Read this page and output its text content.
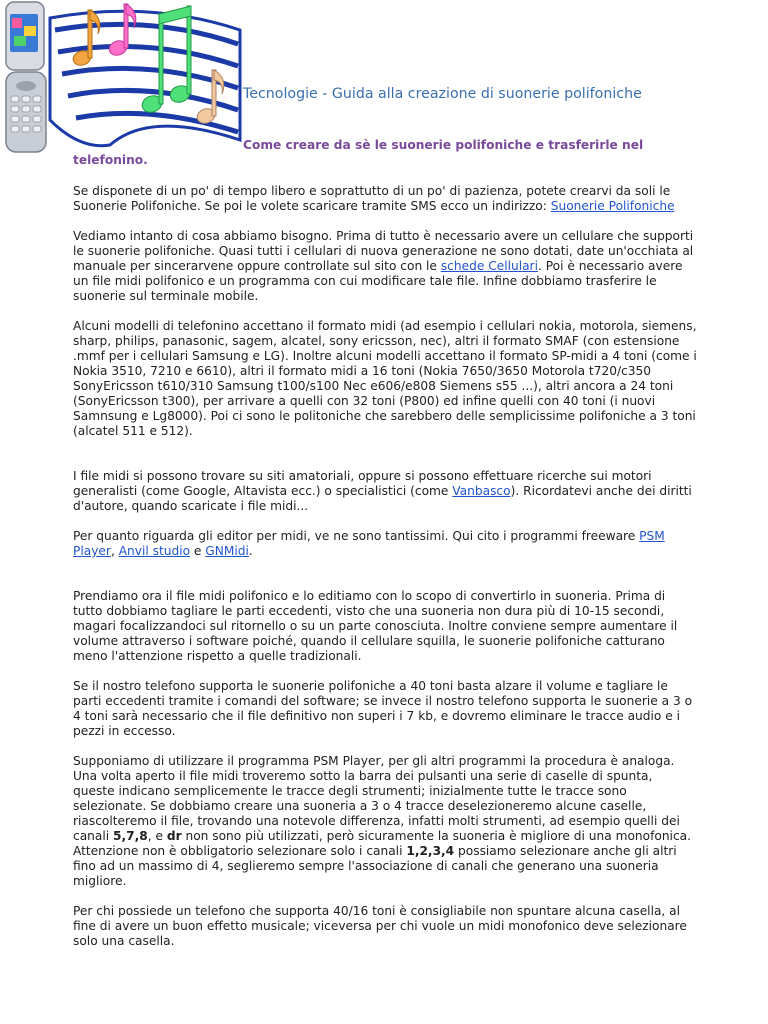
Tecnologie - Guida alla creazione di suonerie polifoniche

Come creare da sè le suonerie polifoniche e trasferirle nel telefonino.

Se disponete di un po' di tempo libero e soprattutto di un po' di pazienza, potete crearvi da soli le Suonerie Polifoniche. Se poi le volete scaricare tramite SMS ecco un indirizzo: Suonerie Polifoniche

Vediamo intanto di cosa abbiamo bisogno. Prima di tutto è necessario avere un cellulare che supporti le suonerie polifoniche. Quasi tutti i cellulari di nuova generazione ne sono dotati, date un'occhiata al manuale per sincerarvene oppure controllate sul sito con le schede Cellulari. Poi è necessario avere un file midi polifonico e un programma con cui modificare tale file. Infine dobbiamo trasferire le suonerie sul terminale mobile.

Alcuni modelli di telefonino accettano il formato midi (ad esempio i cellulari nokia, motorola, siemens, sharp, philips, panasonic, sagem, alcatel, sony ericsson, nec), altri il formato SMAF (con estensione .mmf per i cellulari Samsung e LG). Inoltre alcuni modelli accettano il formato SP-midi a 4 toni (come i Nokia 3510, 7210 e 6610), altri il formato midi a 16 toni (Nokia 7650/3650 Motorola t720/c350 SonyEricsson t610/310 Samsung t100/s100 Nec e606/e808 Siemens s55 ...), altri ancora a 24 toni (SonyEricsson t300), per arrivare a quelli con 32 toni (P800) ed infine quelli con 40 toni (i nuovi Samnsung e Lg8000). Poi ci sono le politoniche che sarebbero delle semplicissime polifoniche a 3 toni (alcatel 511 e 512).

I file midi si possono trovare su siti amatoriali, oppure si possono effettuare ricerche sui motori generalisti (come Google, Altavista ecc.) o specialistici (come Vanbasco). Ricordatevi anche dei diritti d'autore, quando scaricate i file midi...

Per quanto riguarda gli editor per midi, ve ne sono tantissimi. Qui cito i programmi freeware PSM Player, Anvil studio e GNMidi.

Prendiamo ora il file midi polifonico e lo editiamo con lo scopo di convertirlo in suoneria. Prima di tutto dobbiamo tagliare le parti eccedenti, visto che una suoneria non dura più di 10-15 secondi, magari focalizzandoci sul ritornello o su un parte conosciuta. Inoltre conviene sempre aumentare il volume attraverso i software poiché, quando il cellulare squilla, le suonerie polifoniche catturano meno l'attenzione rispetto a quelle tradizionali.

Se il nostro telefono supporta le suonerie polifoniche a 40 toni basta alzare il volume e tagliare le parti eccedenti tramite i comandi del software; se invece il nostro telefono supporta le suonerie a 3 o 4 toni sarà necessario che il file definitivo non superi i 7 kb, e dovremo eliminare le tracce audio e i pezzi in eccesso.

Supponiamo di utilizzare il programma PSM Player, per gli altri programmi la procedura è analoga. Una volta aperto il file midi troveremo sotto la barra dei pulsanti una serie di caselle di spunta, queste indicano semplicemente le tracce degli strumenti; inizialmente tutte le tracce sono selezionate. Se dobbiamo creare una suoneria a 3 o 4 tracce deselezioneremo alcune caselle, riascolteremo il file, trovando una notevole differenza, infatti molti strumenti, ad esempio quelli dei canali 5,7,8, e dr non sono più utilizzati, però sicuramente la suoneria è migliore di una monofonica. Attenzione non è obbligatorio selezionare solo i canali 1,2,3,4 possiamo selezionare anche gli altri fino ad un massimo di 4, seglieremo sempre l'associazione di canali che generano una suoneria migliore.

Per chi possiede un telefono che supporta 40/16 toni è consigliabile non spuntare alcuna casella, al fine di avere un buon effetto musicale; viceversa per chi vuole un midi monofonico deve selezionare solo una casella.
